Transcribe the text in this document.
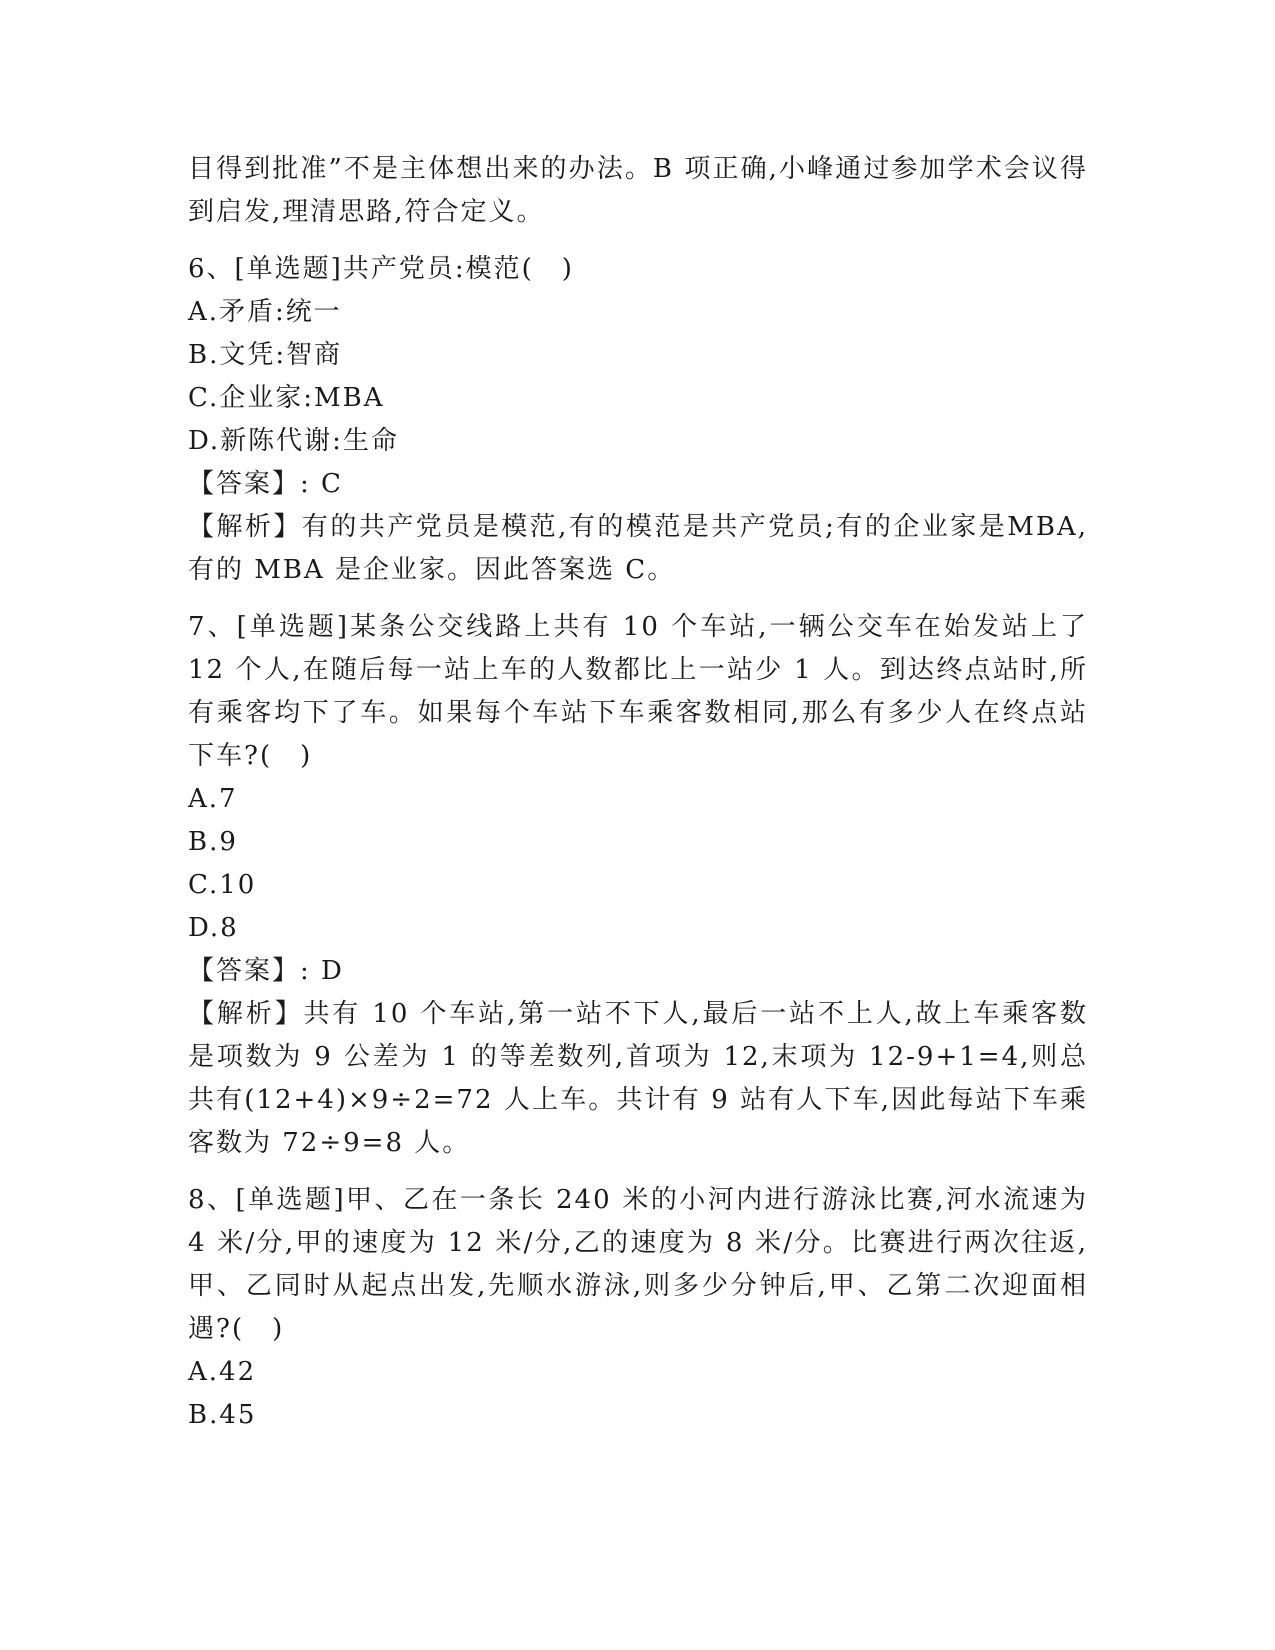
目得到批准”不是主体想出来的办法。B 项正确,小峰通过参加学术会议得到启发,理清思路,符合定义。

6、[单选题]共产党员:模范(　)

A.矛盾:统一

B.文凭:智商

C.企业家:MBA

D.新陈代谢:生命

【答案】: C

【解析】有的共产党员是模范,有的模范是共产党员;有的企业家是MBA,有的 MBA 是企业家。因此答案选 C。

7、[单选题]某条公交线路上共有 10 个车站,一辆公交车在始发站上了 12 个人,在随后每一站上车的人数都比上一站少 1 人。到达终点站时,所有乘客均下了车。如果每个车站下车乘客数相同,那么有多少人在终点站下车?(　)

A.7

B.9

C.10

D.8

【答案】: D

【解析】共有 10 个车站,第一站不下人,最后一站不上人,故上车乘客数是项数为 9 公差为 1 的等差数列,首项为 12,末项为 12-9+1=4,则总共有(12+4)×9÷2=72 人上车。共计有 9 站有人下车,因此每站下车乘客数为 72÷9=8 人。

8、[单选题]甲、乙在一条长 240 米的小河内进行游泳比赛,河水流速为 4 米/分,甲的速度为 12 米/分,乙的速度为 8 米/分。比赛进行两次往返,甲、乙同时从起点出发,先顺水游泳,则多少分钟后,甲、乙第二次迎面相遇?(　)

A.42

B.45
